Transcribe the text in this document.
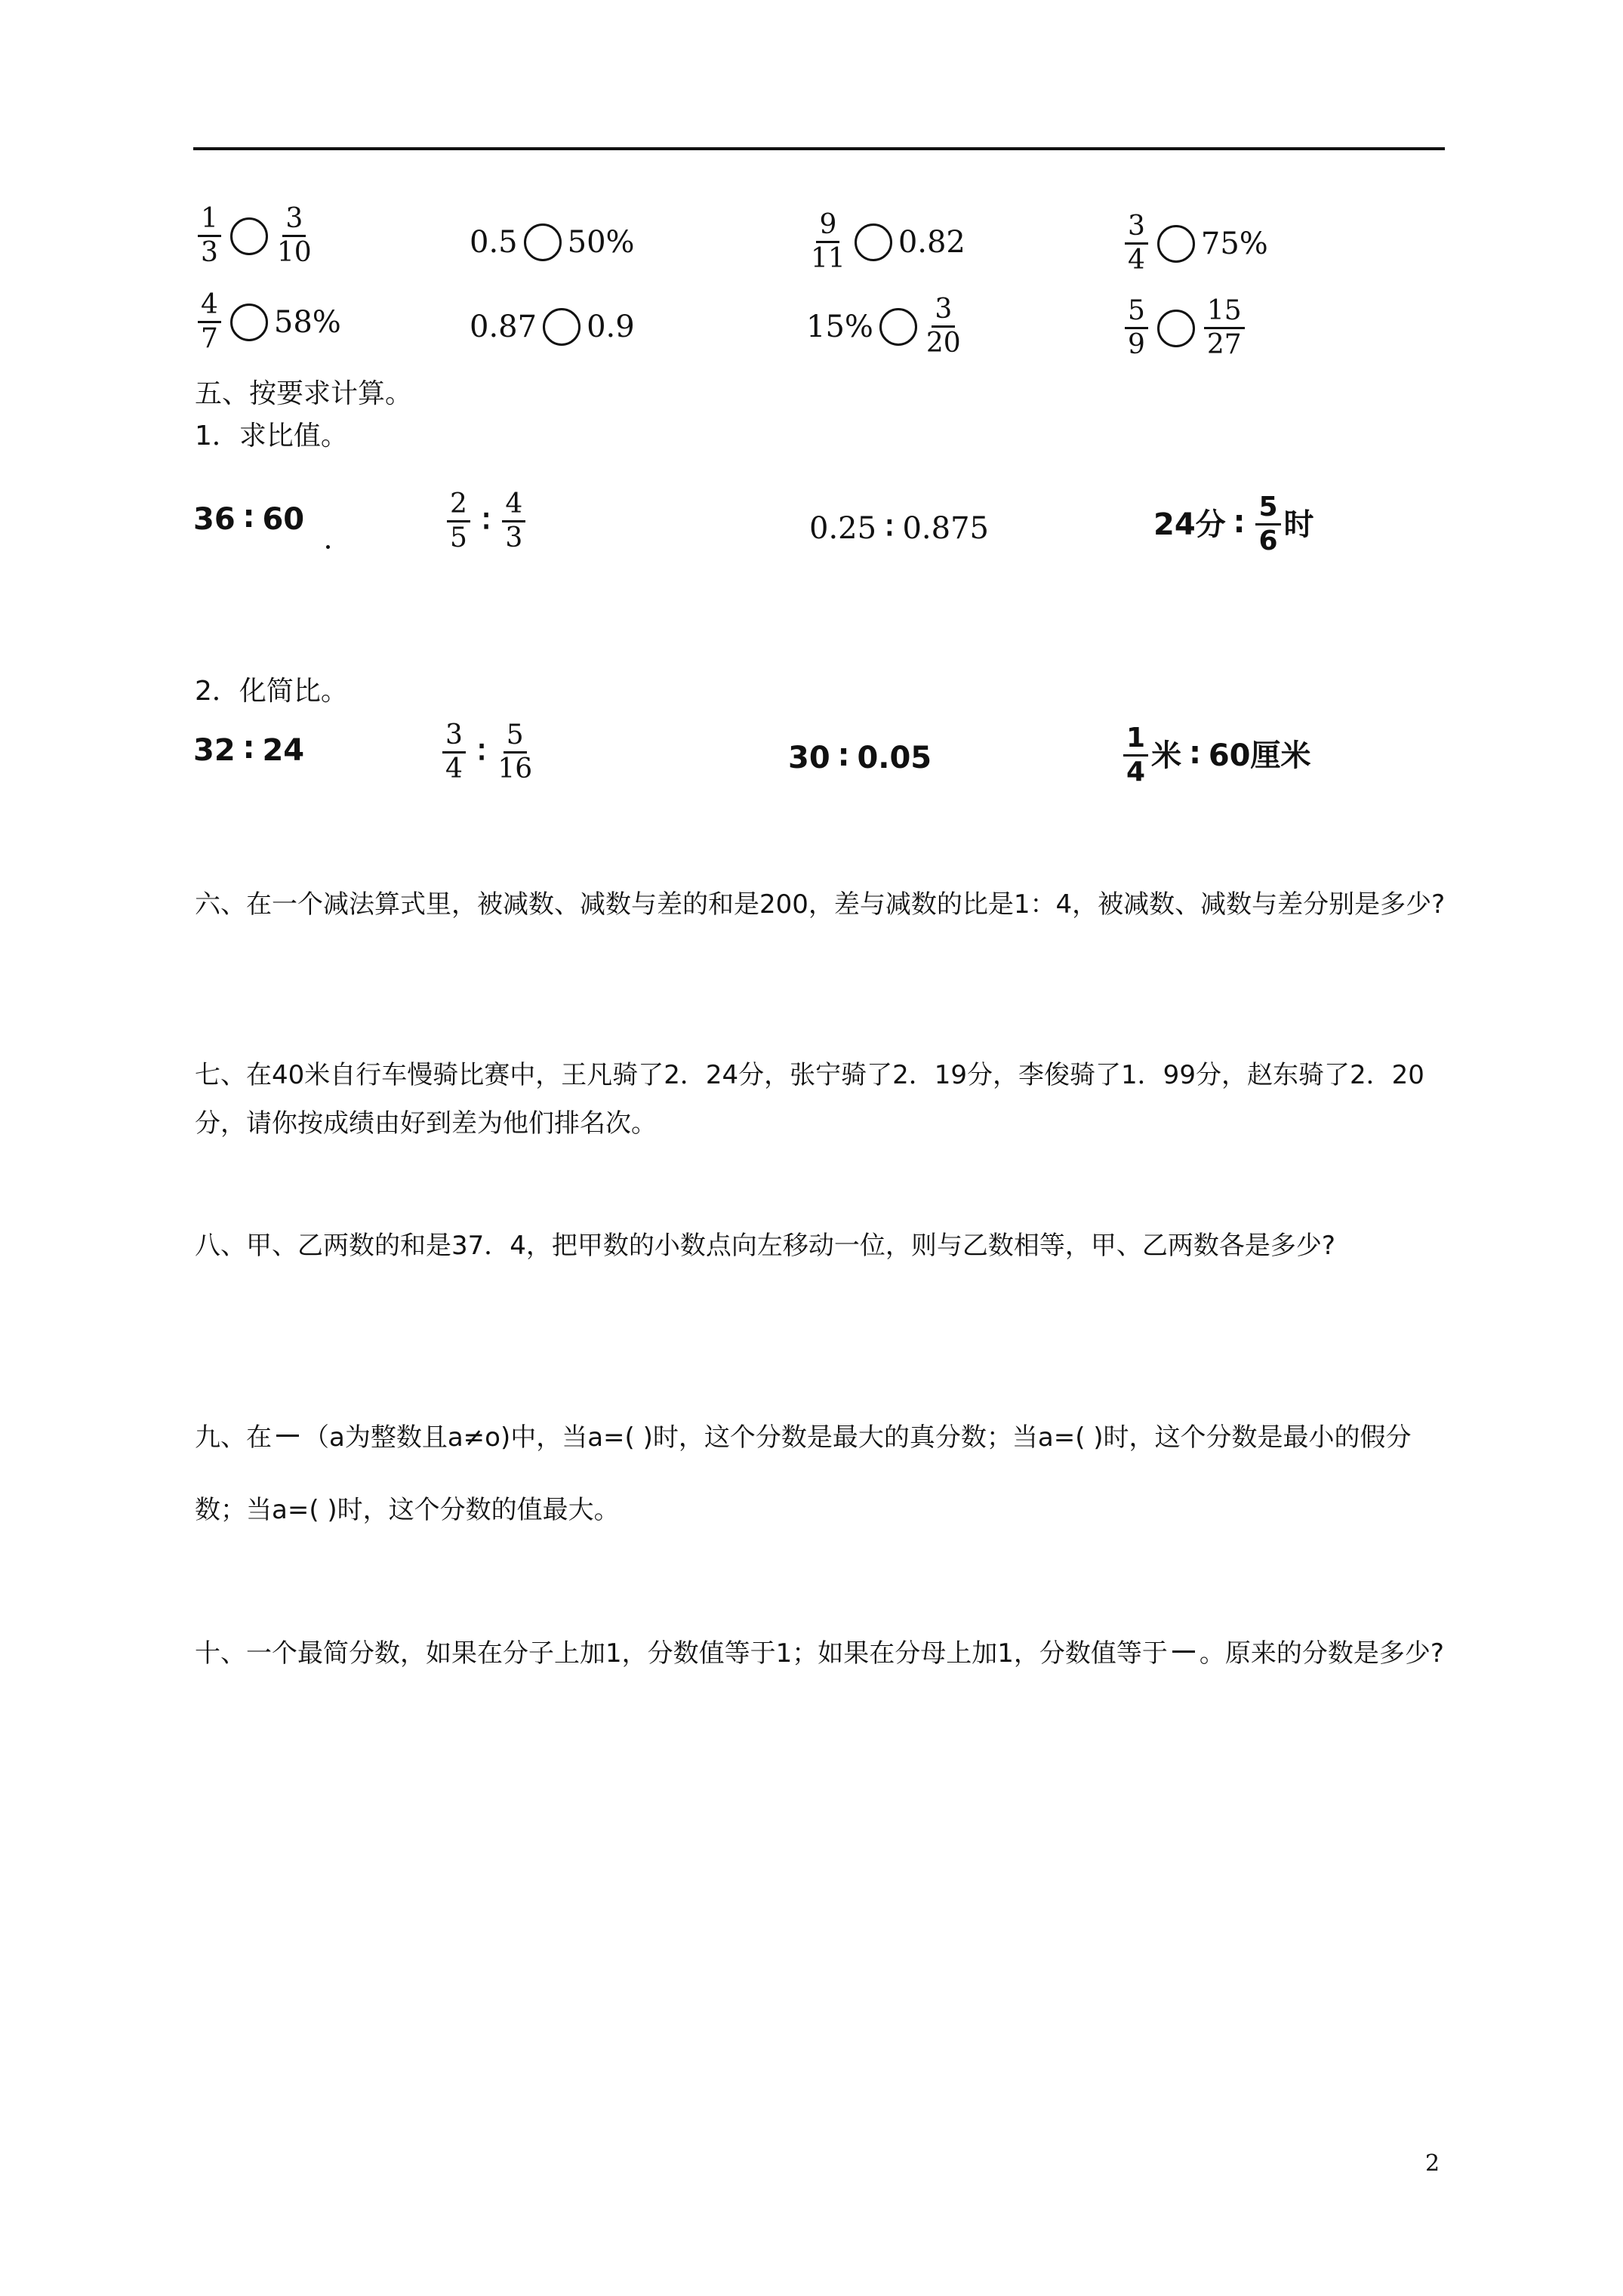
$\frac{1}{3} \frac{3}{10}$	0.5 50%	$\frac{9}{11} 0.82$	$\frac{3}{4} 75\%$
$\frac{4}{7} 58\%$	0.87 0.9	$15\% \frac{3}{20}$	$\frac{5}{9} \frac{15}{27}$
五、按要求计算。
1．求比值。
36 ∶ 60	$\frac{2}{5}$ ∶ $\frac{4}{3}$	0.25 ∶ 0.875	24分 ∶ $\frac{5}{6}$ 时
2．化简比。
32 ∶ 24	$\frac{3}{4}$ ∶ $\frac{5}{16}$	30 ∶ 0.05	$\frac{1}{4}$ 米 ∶ 60厘米
六、在一个减法算式里，被减数、减数与差的和是200，差与减数的比是1：4，被减数、减数与差分别是多少?
七、在40米自行车慢骑比赛中，王凡骑了2．24分，张宁骑了2．19分，李俊骑了1．99分，赵东骑了2．20分，请你按成绩由好到差为他们排名次。
八、甲、乙两数的和是37．4，把甲数的小数点向左移动一位，则与乙数相等，甲、乙两数各是多少?
九、在 （a为整数且a≠o)中，当a=( )时，这个分数是最大的真分数；当a=( )时，这个分数是最小的假分数；当a=( )时，这个分数的值最大。
十、一个最简分数，如果在分子上加1，分数值等于1；如果在分母上加1，分数值等于 。原来的分数是多少?
2
